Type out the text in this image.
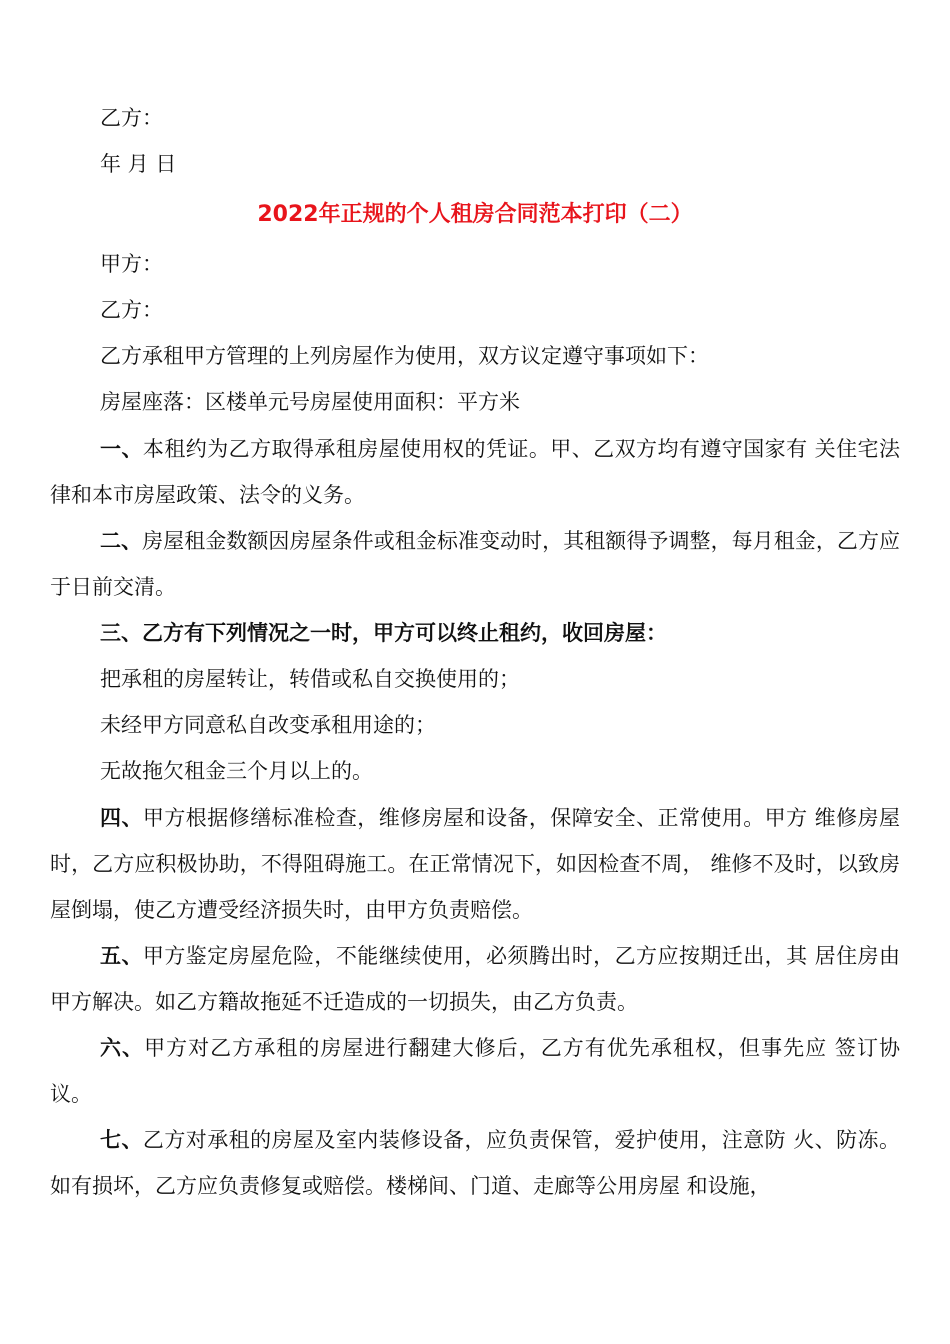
乙方：
年 月 日
2022年正规的个人租房合同范本打印（二）
甲方：
乙方：
乙方承租甲方管理的上列房屋作为使用，双方议定遵守事项如下：
房屋座落：区楼单元号房屋使用面积：平方米
一、本租约为乙方取得承租房屋使用权的凭证。甲、乙双方均有遵守国家有 关住宅法律和本市房屋政策、法令的义务。
二、房屋租金数额因房屋条件或租金标准变动时，其租额得予调整，每月租金，乙方应于日前交清。
三、乙方有下列情况之一时，甲方可以终止租约，收回房屋：
把承租的房屋转让，转借或私自交换使用的；
未经甲方同意私自改变承租用途的；
无故拖欠租金三个月以上的。
四、甲方根据修缮标准检查，维修房屋和设备，保障安全、正常使用。甲方 维修房屋时，乙方应积极协助，不得阻碍施工。在正常情况下，如因检查不周， 维修不及时，以致房屋倒塌，使乙方遭受经济损失时，由甲方负责赔偿。
五、甲方鉴定房屋危险，不能继续使用，必须腾出时，乙方应按期迁出，其 居住房由甲方解决。如乙方籍故拖延不迁造成的一切损失，由乙方负责。
六、甲方对乙方承租的房屋进行翻建大修后，乙方有优先承租权，但事先应 签订协议。
七、乙方对承租的房屋及室内装修设备，应负责保管，爱护使用，注意防 火、防冻。如有损坏，乙方应负责修复或赔偿。楼梯间、门道、走廊等公用房屋 和设施，
